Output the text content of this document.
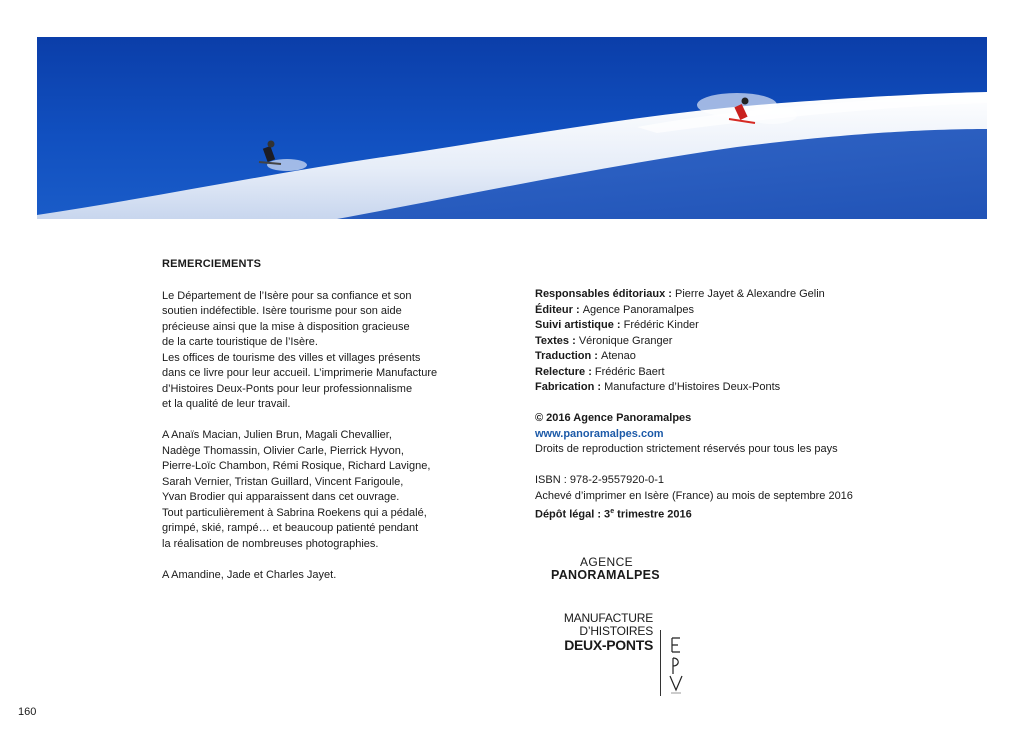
REMERCIEMENTS
Le Département de l’Isère pour sa confiance et son
soutien indéfectible. Isère tourisme pour son aide
précieuse ainsi que la mise à disposition gracieuse
de la carte touristique de l’Isère.
Les offices de tourisme des villes et villages présents
dans ce livre pour leur accueil. L’imprimerie Manufacture
d’Histoires Deux-Ponts pour leur professionnalisme
et la qualité de leur travail.
A Anaïs Macian, Julien Brun, Magali Chevallier,
Nadège Thomassin, Olivier Carle, Pierrick Hyvon,
Pierre-Loïc Chambon, Rémi Rosique, Richard Lavigne,
Sarah Vernier, Tristan Guillard, Vincent Farigoule,
Yvan Brodier qui apparaissent dans cet ouvrage.
Tout particulièrement à Sabrina Roekens qui a pédalé,
grimpé, skié, rampé… et beaucoup patienté pendant
la réalisation de nombreuses photographies.
A Amandine, Jade et Charles Jayet.
Responsables éditoriaux : Pierre Jayet & Alexandre Gelin
Éditeur : Agence Panoramalpes
Suivi artistique : Frédéric Kinder
Textes : Véronique Granger
Traduction : Atenao
Relecture : Frédéric Baert
Fabrication : Manufacture d’Histoires Deux-Ponts
© 2016 Agence Panoramalpes
www.panoramalpes.com
Droits de reproduction strictement réservés pour tous les pays
ISBN : 978-2-9557920-0-1
Achevé d’imprimer en Isère (France) au mois de septembre 2016
Dépôt légal : 3e trimestre 2016
AGENCE
PANORAMALPES
MANUFACTURE
D’HISTOIRES
DEUX-PONTS
160
